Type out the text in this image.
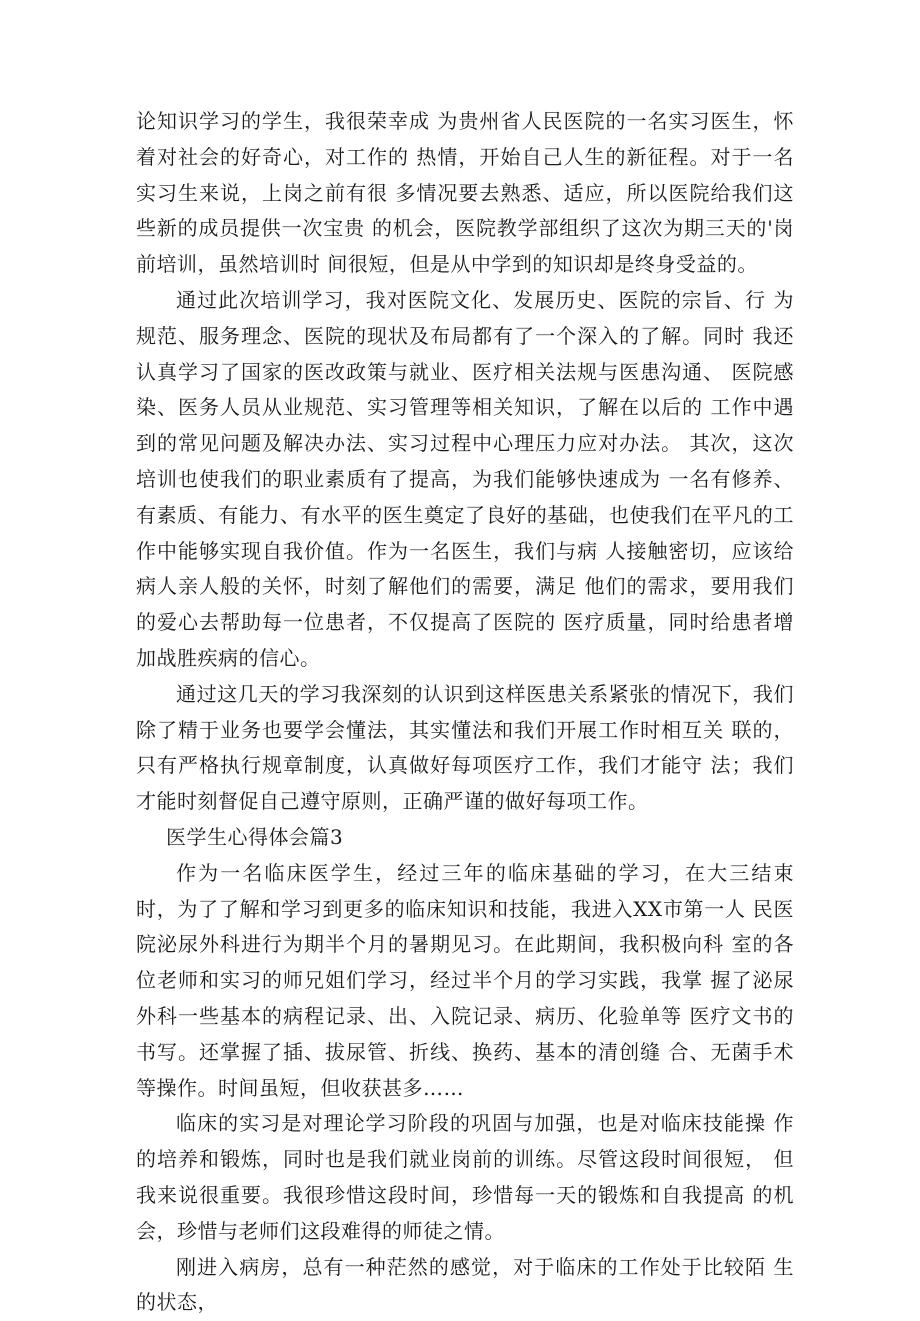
论知识学习的学生，我很荣幸成 为贵州省人民医院的一名实习医生，怀着对社会的好奇心，对工作的 热情，开始自己人生的新征程。对于一名实习生来说，上岗之前有很 多情况要去熟悉、适应，所以医院给我们这些新的成员提供一次宝贵 的机会，医院教学部组织了这次为期三天的'岗前培训，虽然培训时 间很短，但是从中学到的知识却是终身受益的。

通过此次培训学习，我对医院文化、发展历史、医院的宗旨、行 为规范、服务理念、医院的现状及布局都有了一个深入的了解。同时 我还认真学习了国家的医改政策与就业、医疗相关法规与医患沟通、 医院感染、医务人员从业规范、实习管理等相关知识，了解在以后的 工作中遇到的常见问题及解决办法、实习过程中心理压力应对办法。 其次，这次培训也使我们的职业素质有了提高，为我们能够快速成为 一名有修养、有素质、有能力、有水平的医生奠定了良好的基础，也使我们在平凡的工作中能够实现自我价值。作为一名医生，我们与病 人接触密切，应该给病人亲人般的关怀，时刻了解他们的需要，满足 他们的需求，要用我们的爱心去帮助每一位患者，不仅提高了医院的 医疗质量，同时给患者增加战胜疾病的信心。

通过这几天的学习我深刻的认识到这样医患关系紧张的情况下，我们除了精于业务也要学会懂法，其实懂法和我们开展工作时相互关 联的，只有严格执行规章制度，认真做好每项医疗工作，我们才能守 法；我们才能时刻督促自己遵守原则，正确严谨的做好每项工作。

医学生心得体会篇3

作为一名临床医学生，经过三年的临床基础的学习，在大三结束　 时，为了了解和学习到更多的临床知识和技能，我进入XX市第一人 民医院泌尿外科进行为期半个月的暑期见习。在此期间，我积极向科 室的各位老师和实习的师兄姐们学习，经过半个月的学习实践，我掌 握了泌尿外科一些基本的病程记录、出、入院记录、病历、化验单等 医疗文书的书写。还掌握了插、拔尿管、折线、换药、基本的清创缝 合、无菌手术等操作。时间虽短，但收获甚多……

临床的实习是对理论学习阶段的巩固与加强，也是对临床技能操 作的培养和锻炼，同时也是我们就业岗前的训练。尽管这段时间很短， 但我来说很重要。我很珍惜这段时间，珍惜每一天的锻炼和自我提高 的机会，珍惜与老师们这段难得的师徒之情。

刚进入病房，总有一种茫然的感觉，对于临床的工作处于比较陌 生的状态，
